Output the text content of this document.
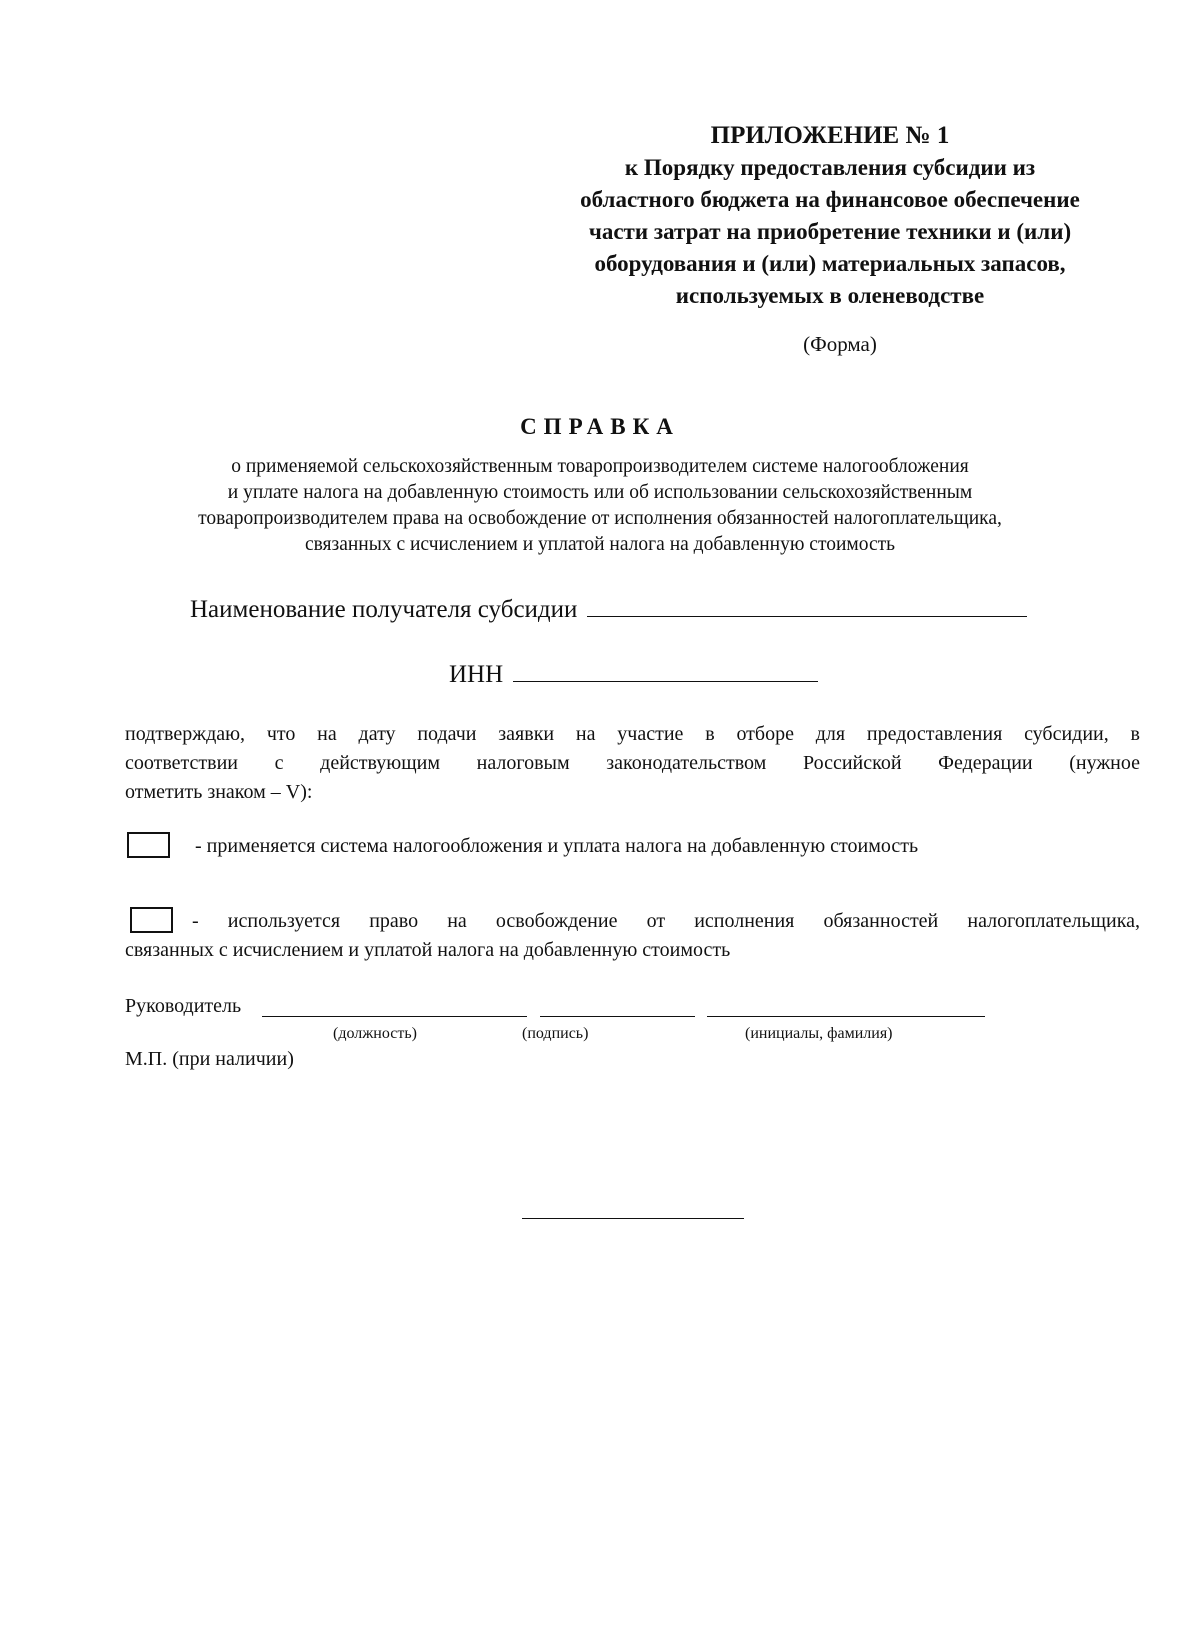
ПРИЛОЖЕНИЕ № 1
к Порядку предоставления субсидии из
областного бюджета на финансовое обеспечение
части затрат на приобретение техники и (или)
оборудования и (или) материальных запасов,
используемых в оленеводстве
(Форма)
СПРАВКА
о применяемой сельскохозяйственным товаропроизводителем системе налогообложения
и уплате налога на добавленную стоимость или об использовании сельскохозяйственным
товаропроизводителем права на освобождение от исполнения обязанностей налогоплательщика,
связанных с исчислением и уплатой налога на добавленную стоимость
Наименование получателя субсидии
ИНН
подтверждаю, что на дату подачи заявки на участие в отборе для предоставления субсидии, в
соответствии с действующим налоговым законодательством Российской Федерации (нужное
отметить знаком – V):
- применяется система налогообложения и уплата налога на добавленную стоимость
- используется право на освобождение от исполнения обязанностей налогоплательщика,
связанных с исчислением и уплатой налога на добавленную стоимость
Руководитель
(должность)	(подпись)	(инициалы, фамилия)
М.П. (при наличии)
